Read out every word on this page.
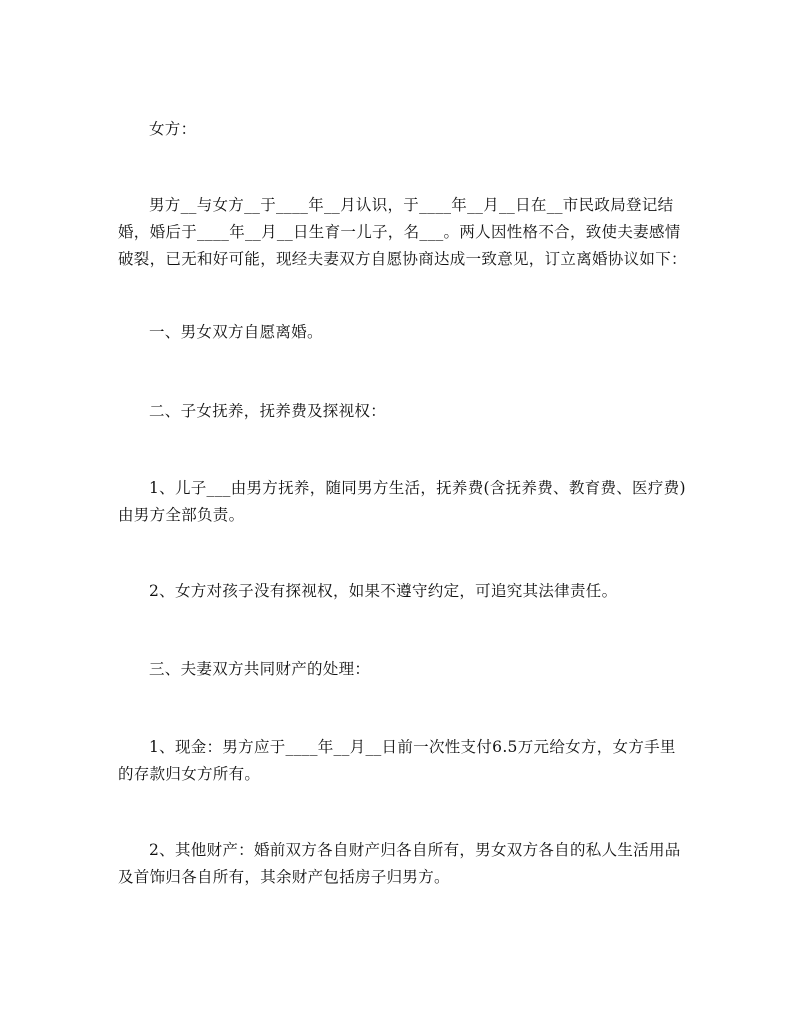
女方：

男方__与女方__于____年__月认识，于____年__月__日在__市民政局登记结
婚，婚后于____年__月__日生育一儿子，名___。两人因性格不合，致使夫妻感情
破裂，已无和好可能，现经夫妻双方自愿协商达成一致意见，订立离婚协议如下：

一、男女双方自愿离婚。

二、子女抚养，抚养费及探视权：

1、儿子___由男方抚养，随同男方生活，抚养费(含抚养费、教育费、医疗费)
由男方全部负责。

2、女方对孩子没有探视权，如果不遵守约定，可追究其法律责任。

三、夫妻双方共同财产的处理：

1、现金：男方应于____年__月__日前一次性支付6.5万元给女方，女方手里
的存款归女方所有。

2、其他财产：婚前双方各自财产归各自所有，男女双方各自的私人生活用品
及首饰归各自所有，其余财产包括房子归男方。
